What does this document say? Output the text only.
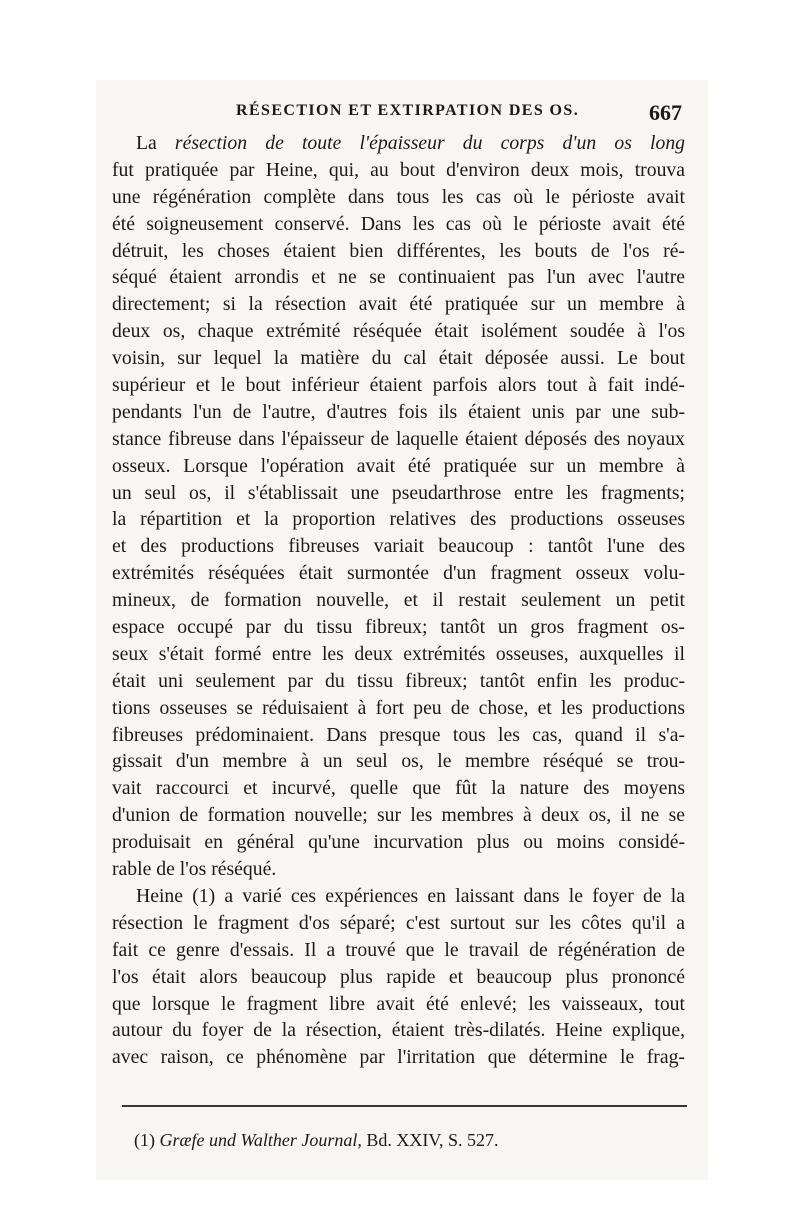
RÉSECTION ET EXTIRPATION DES OS.	667
La résection de toute l'épaisseur du corps d'un os long
fut pratiquée par Heine, qui, au bout d'environ deux mois, trouva
une régénération complète dans tous les cas où le périoste avait
été soigneusement conservé. Dans les cas où le périoste avait été
détruit, les choses étaient bien différentes, les bouts de l'os ré-
séqué étaient arrondis et ne se continuaient pas l'un avec l'autre
directement; si la résection avait été pratiquée sur un membre à
deux os, chaque extrémité réséquée était isolément soudée à l'os
voisin, sur lequel la matière du cal était déposée aussi. Le bout
supérieur et le bout inférieur étaient parfois alors tout à fait indé-
pendants l'un de l'autre, d'autres fois ils étaient unis par une sub-
stance fibreuse dans l'épaisseur de laquelle étaient déposés des noyaux
osseux. Lorsque l'opération avait été pratiquée sur un membre à
un seul os, il s'établissait une pseudarthrose entre les fragments;
la répartition et la proportion relatives des productions osseuses
et des productions fibreuses variait beaucoup : tantôt l'une des
extrémités réséquées était surmontée d'un fragment osseux volu-
mineux, de formation nouvelle, et il restait seulement un petit
espace occupé par du tissu fibreux; tantôt un gros fragment os-
seux s'était formé entre les deux extrémités osseuses, auxquelles il
était uni seulement par du tissu fibreux; tantôt enfin les produc-
tions osseuses se réduisaient à fort peu de chose, et les productions
fibreuses prédominaient. Dans presque tous les cas, quand il s'a-
gissait d'un membre à un seul os, le membre réséqué se trou-
vait raccourci et incurvé, quelle que fût la nature des moyens
d'union de formation nouvelle; sur les membres à deux os, il ne se
produisait en général qu'une incurvation plus ou moins considé-
rable de l'os réséqué.
Heine (1) a varié ces expériences en laissant dans le foyer de la
résection le fragment d'os séparé; c'est surtout sur les côtes qu'il a
fait ce genre d'essais. Il a trouvé que le travail de régénération de
l'os était alors beaucoup plus rapide et beaucoup plus prononcé
que lorsque le fragment libre avait été enlevé; les vaisseaux, tout
autour du foyer de la résection, étaient très-dilatés. Heine explique,
avec raison, ce phénomène par l'irritation que détermine le frag-
(1) Græfe und Walther Journal, Bd. XXIV, S. 527.
